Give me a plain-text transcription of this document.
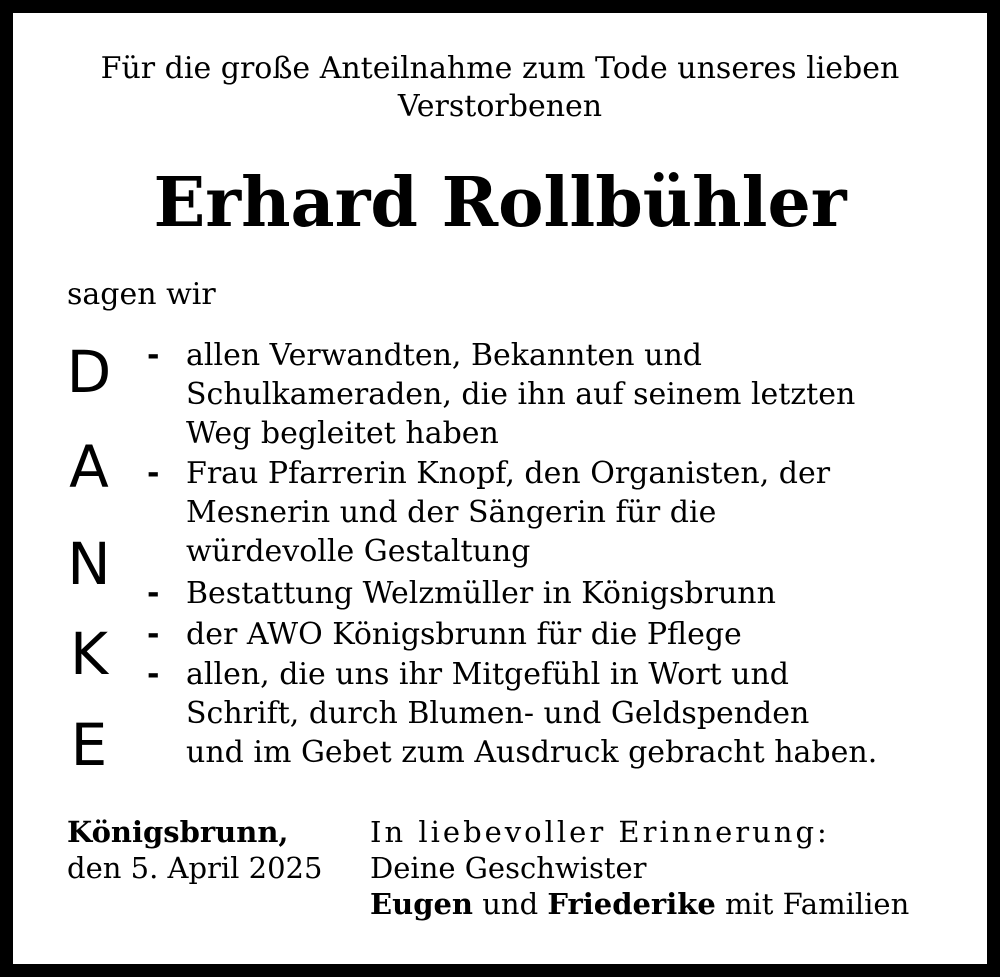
Für die große Anteilnahme zum Tode unseres lieben
Verstorbenen
Erhard Rollbühler
sagen wir
D
A
N
K
E
- allen Verwandten, Bekannten und
Schulkameraden, die ihn auf seinem letzten
Weg begleitet haben
- Frau Pfarrerin Knopf, den Organisten, der
Mesnerin und der Sängerin für die
würdevolle Gestaltung
- Bestattung Welzmüller in Königsbrunn
- der AWO Königsbrunn für die Pflege
- allen, die uns ihr Mitgefühl in Wort und
Schrift, durch Blumen- und Geldspenden
und im Gebet zum Ausdruck gebracht haben.
Königsbrunn,
den 5. April 2025
In liebevoller Erinnerung:
Deine Geschwister
Eugen und Friederike mit Familien
